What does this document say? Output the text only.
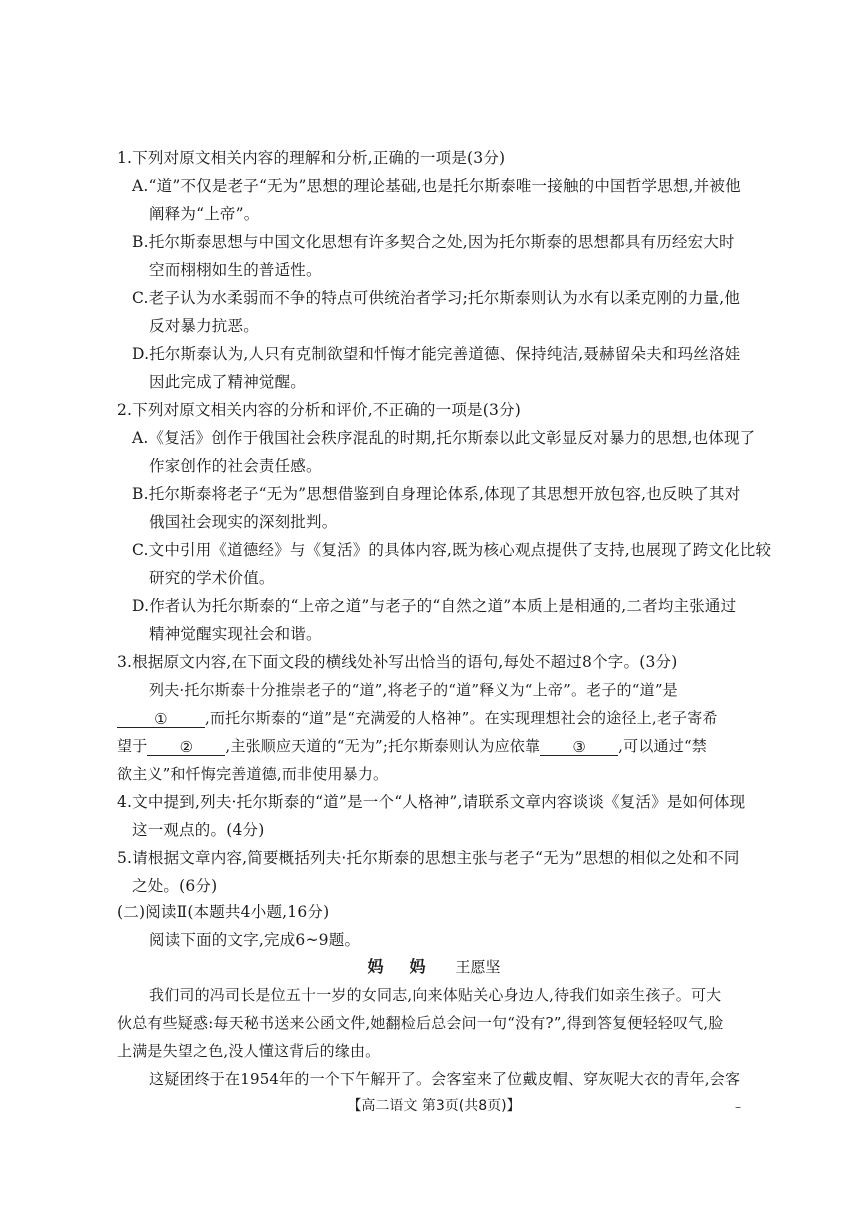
1.下列对原文相关内容的理解和分析,正确的一项是(3分)
A.“道”不仅是老子“无为”思想的理论基础,也是托尔斯泰唯一接触的中国哲学思想,并被他
阐释为“上帝”。
B.托尔斯泰思想与中国文化思想有许多契合之处,因为托尔斯泰的思想都具有历经宏大时
空而栩栩如生的普适性。
C.老子认为水柔弱而不争的特点可供统治者学习;托尔斯泰则认为水有以柔克刚的力量,他
反对暴力抗恶。
D.托尔斯泰认为,人只有克制欲望和忏悔才能完善道德、保持纯洁,聂赫留朵夫和玛丝洛娃
因此完成了精神觉醒。
2.下列对原文相关内容的分析和评价,不正确的一项是(3分)
A.《复活》创作于俄国社会秩序混乱的时期,托尔斯泰以此文彰显反对暴力的思想,也体现了
作家创作的社会责任感。
B.托尔斯泰将老子“无为”思想借鉴到自身理论体系,体现了其思想开放包容,也反映了其对
俄国社会现实的深刻批判。
C.文中引用《道德经》与《复活》的具体内容,既为核心观点提供了支持,也展现了跨文化比较
研究的学术价值。
D.作者认为托尔斯泰的“上帝之道”与老子的“自然之道”本质上是相通的,二者均主张通过
精神觉醒实现社会和谐。
3.根据原文内容,在下面文段的横线处补写出恰当的语句,每处不超过8个字。(3分)
列夫·托尔斯泰十分推崇老子的“道”,将老子的“道”释义为“上帝”。老子的“道”是
① ,而托尔斯泰的“道”是“充满爱的人格神”。在实现理想社会的途径上,老子寄希
望于 ② ,主张顺应天道的“无为”;托尔斯泰则认为应依靠 ③ ,可以通过“禁
欲主义”和忏悔完善道德,而非使用暴力。
4.文中提到,列夫·托尔斯泰的“道”是一个“人格神”,请联系文章内容谈谈《复活》是如何体现
这一观点的。(4分)
5.请根据文章内容,简要概括列夫·托尔斯泰的思想主张与老子“无为”思想的相似之处和不同
之处。(6分)
(二)阅读Ⅱ(本题共4小题,16分)
阅读下面的文字,完成6~9题。
妈妈 王愿坚
我们司的冯司长是位五十一岁的女同志,向来体贴关心身边人,待我们如亲生孩子。可大
伙总有些疑惑:每天秘书送来公函文件,她翻检后总会问一句“没有?”,得到答复便轻轻叹气,脸
上满是失望之色,没人懂这背后的缘由。
这疑团终于在1954年的一个下午解开了。会客室来了位戴皮帽、穿灰呢大衣的青年,会客
【高二语文 第3页(共8页)】	–
